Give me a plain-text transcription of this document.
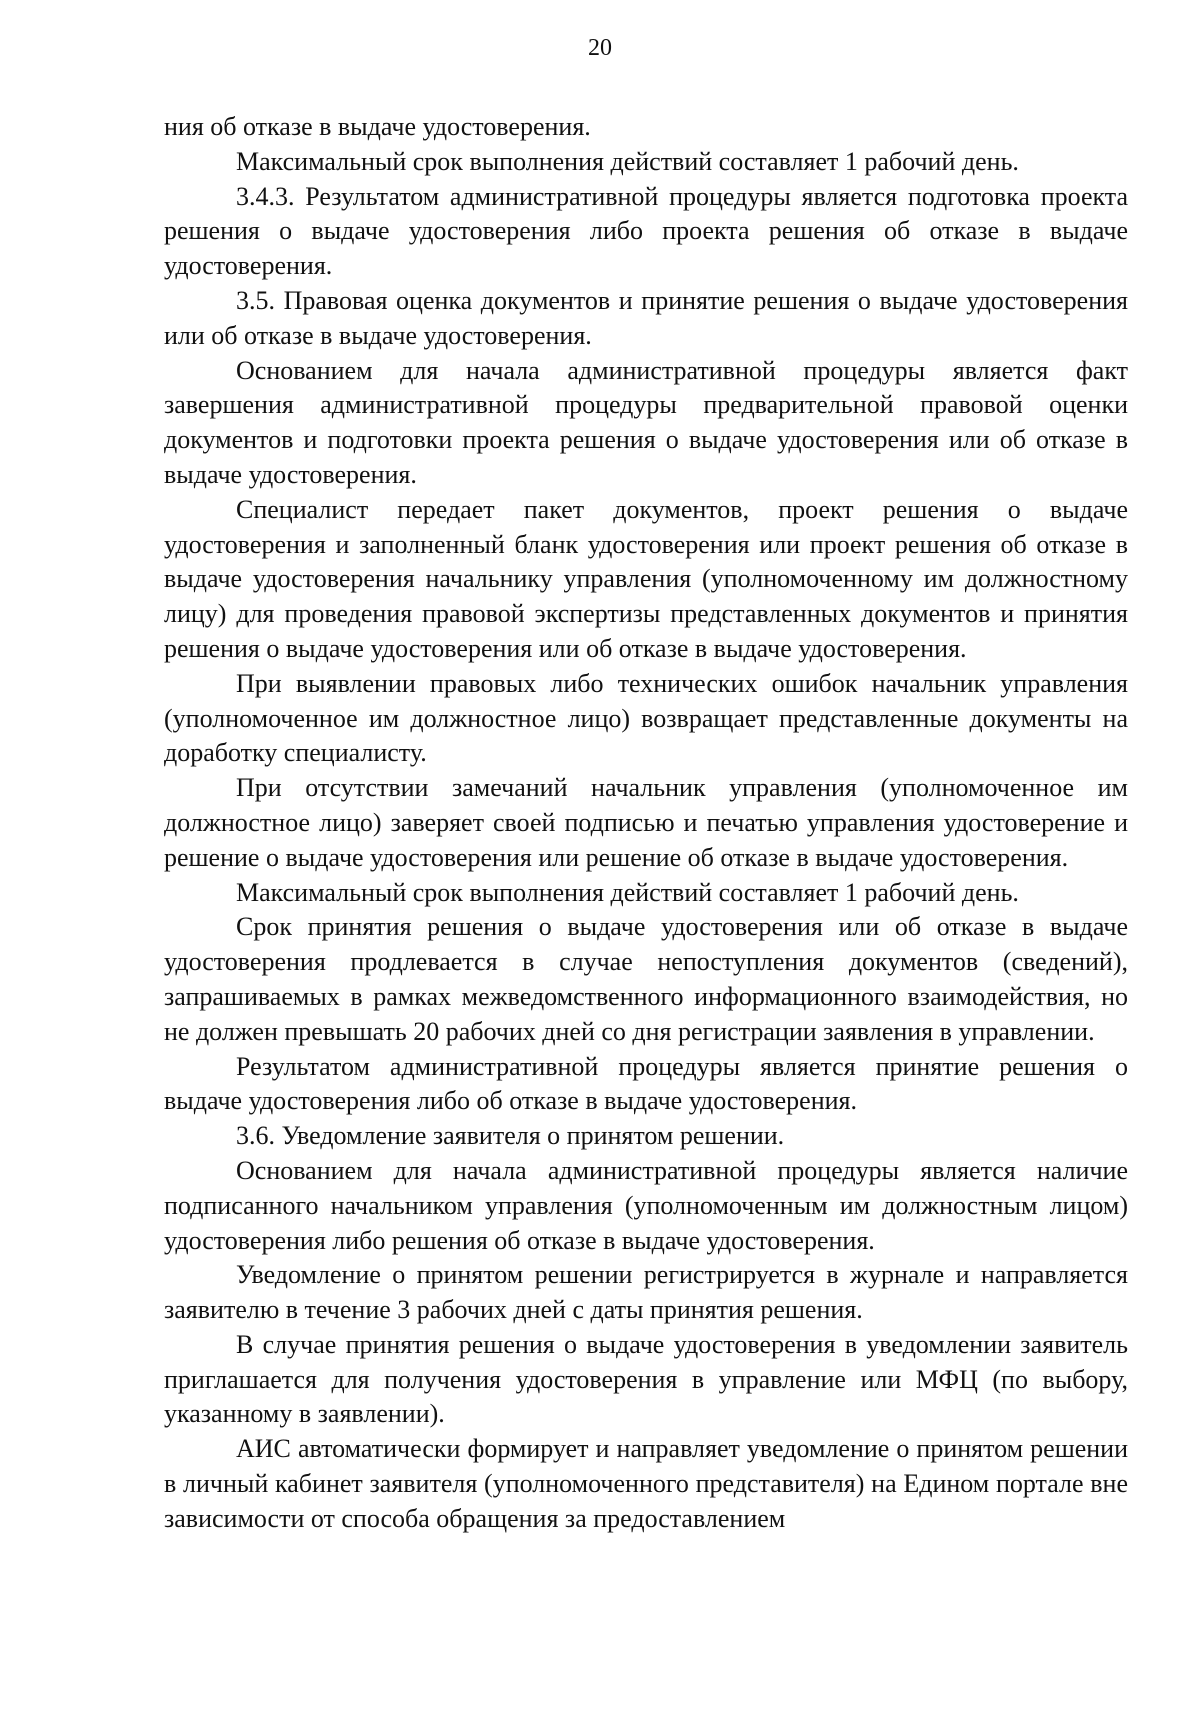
20

ния об отказе в выдаче удостоверения.

Максимальный срок выполнения действий составляет 1 рабочий день.

3.4.3. Результатом административной процедуры является подготовка проекта решения о выдаче удостоверения либо проекта решения об отказе в выдаче удостоверения.

3.5. Правовая оценка документов и принятие решения о выдаче удостоверения или об отказе в выдаче удостоверения.

Основанием для начала административной процедуры является факт завершения административной процедуры предварительной правовой оценки документов и подготовки проекта решения о выдаче удостоверения или об отказе в выдаче удостоверения.

Специалист передает пакет документов, проект решения о выдаче удостоверения и заполненный бланк удостоверения или проект решения об отказе в выдаче удостоверения начальнику управления (уполномоченному им должностному лицу) для проведения правовой экспертизы представленных документов и принятия решения о выдаче удостоверения или об отказе в выдаче удостоверения.

При выявлении правовых либо технических ошибок начальник управления (уполномоченное им должностное лицо) возвращает представленные документы на доработку специалисту.

При отсутствии замечаний начальник управления (уполномоченное им должностное лицо) заверяет своей подписью и печатью управления удостоверение и решение о выдаче удостоверения или решение об отказе в выдаче удостоверения.

Максимальный срок выполнения действий составляет 1 рабочий день.

Срок принятия решения о выдаче удостоверения или об отказе в выдаче удостоверения продлевается в случае непоступления документов (сведений), запрашиваемых в рамках межведомственного информационного взаимодействия, но не должен превышать 20 рабочих дней со дня регистрации заявления в управлении.

Результатом административной процедуры является принятие решения о выдаче удостоверения либо об отказе в выдаче удостоверения.

3.6. Уведомление заявителя о принятом решении.

Основанием для начала административной процедуры является наличие подписанного начальником управления (уполномоченным им должностным лицом) удостоверения либо решения об отказе в выдаче удостоверения.

Уведомление о принятом решении регистрируется в журнале и направляется заявителю в течение 3 рабочих дней с даты принятия решения.

В случае принятия решения о выдаче удостоверения в уведомлении заявитель приглашается для получения удостоверения в управление или МФЦ (по выбору, указанному в заявлении).

АИС автоматически формирует и направляет уведомление о принятом решении в личный кабинет заявителя (уполномоченного представителя) на Едином портале вне зависимости от способа обращения за предоставлением
